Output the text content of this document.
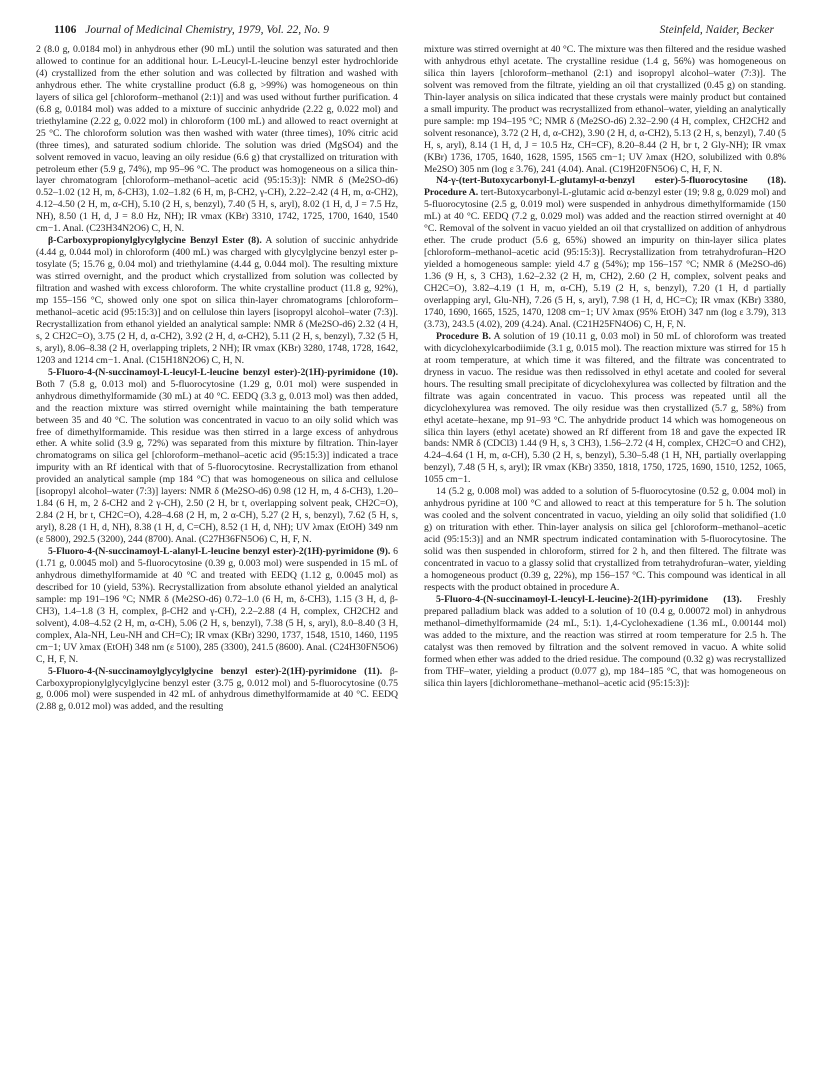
1106 Journal of Medicinal Chemistry, 1979, Vol. 22, No. 9	Steinfeld, Naider, Becker

2 (8.0 g, 0.0184 mol) in anhydrous ether (90 mL) until the solution was saturated and then allowed to continue for an additional hour. L-Leucyl-L-leucine benzyl ester hydrochloride (4) crystallized from the ether solution and was collected by filtration and washed with anhydrous ether. The white crystalline product (6.8 g, >99%) was homogeneous on thin layers of silica gel [chloroform–methanol (2:1)] and was used without further purification. 4 (6.8 g, 0.0184 mol) was added to a mixture of succinic anhydride (2.22 g, 0.022 mol) and triethylamine (2.22 g, 0.022 mol) in chloroform (100 mL) and allowed to react overnight at 25 °C. The chloroform solution was then washed with water (three times), 10% citric acid (three times), and saturated sodium chloride. The solution was dried (MgSO4) and the solvent removed in vacuo, leaving an oily residue (6.6 g) that crystallized on trituration with petroleum ether (5.9 g, 74%), mp 95–96 °C. The product was homogeneous on a silica thin-layer chromatogram [chloroform–methanol–acetic acid (95:15:3)]: NMR δ (Me2SO-d6) 0.52–1.02 (12 H, m, δ-CH3), 1.02–1.82 (6 H, m, β-CH2, γ-CH), 2.22–2.42 (4 H, m, α-CH2), 4.12–4.50 (2 H, m, α-CH), 5.10 (2 H, s, benzyl), 7.40 (5 H, s, aryl), 8.02 (1 H, d, J = 7.5 Hz, NH), 8.50 (1 H, d, J = 8.0 Hz, NH); IR νmax (KBr) 3310, 1742, 1725, 1700, 1640, 1540 cm−1. Anal. (C23H34N2O6) C, H, N.

β-Carboxypropionylglycylglycine Benzyl Ester (8). A solution of succinic anhydride (4.44 g, 0.044 mol) in chloroform (400 mL) was charged with glycylglycine benzyl ester p-tosylate (5; 15.76 g, 0.04 mol) and triethylamine (4.44 g, 0.044 mol). The resulting mixture was stirred overnight, and the product which crystallized from solution was collected by filtration and washed with excess chloroform. The white crystalline product (11.8 g, 92%), mp 155–156 °C, showed only one spot on silica thin-layer chromatograms [chloroform–methanol–acetic acid (95:15:3)] and on cellulose thin layers [isopropyl alcohol–water (7:3)]. Recrystallization from ethanol yielded an analytical sample: NMR δ (Me2SO-d6) 2.32 (4 H, s, 2 CH2C=O), 3.75 (2 H, d, α-CH2), 3.92 (2 H, d, α-CH2), 5.11 (2 H, s, benzyl), 7.32 (5 H, s, aryl), 8.06–8.38 (2 H, overlapping triplets, 2 NH); IR νmax (KBr) 3280, 1748, 1728, 1642, 1203 and 1214 cm−1. Anal. (C15H18N2O6) C, H, N.

5-Fluoro-4-(N-succinamoyl-L-leucyl-L-leucine benzyl ester)-2(1H)-pyrimidone (10). Both 7 (5.8 g, 0.013 mol) and 5-fluorocytosine (1.29 g, 0.01 mol) were suspended in anhydrous dimethylformamide (30 mL) at 40 °C. EEDQ (3.3 g, 0.013 mol) was then added, and the reaction mixture was stirred overnight while maintaining the bath temperature between 35 and 40 °C. The solution was concentrated in vacuo to an oily solid which was free of dimethylformamide. This residue was then stirred in a large excess of anhydrous ether. A white solid (3.9 g, 72%) was separated from this mixture by filtration. Thin-layer chromatograms on silica gel [chloroform–methanol–acetic acid (95:15:3)] indicated a trace impurity with an Rf identical with that of 5-fluorocytosine. Recrystallization from ethanol provided an analytical sample (mp 184 °C) that was homogeneous on silica and cellulose [isopropyl alcohol–water (7:3)] layers: NMR δ (Me2SO-d6) 0.98 (12 H, m, 4 δ-CH3), 1.20–1.84 (6 H, m, 2 δ-CH2 and 2 γ-CH), 2.50 (2 H, br t, overlapping solvent peak, CH2C=O), 2.84 (2 H, br t, CH2C=O), 4.28–4.68 (2 H, m, 2 α-CH), 5.27 (2 H, s, benzyl), 7.62 (5 H, s, aryl), 8.28 (1 H, d, NH), 8.38 (1 H, d, C=CH), 8.52 (1 H, d, NH); UV λmax (EtOH) 349 nm (ε 5800), 292.5 (3200), 244 (8700). Anal. (C27H36FN5O6) C, H, F, N.

5-Fluoro-4-(N-succinamoyl-L-alanyl-L-leucine benzyl ester)-2(1H)-pyrimidone (9). 6 (1.71 g, 0.0045 mol) and 5-fluorocytosine (0.39 g, 0.003 mol) were suspended in 15 mL of anhydrous dimethylformamide at 40 °C and treated with EEDQ (1.12 g, 0.0045 mol) as described for 10 (yield, 53%). Recrystallization from absolute ethanol yielded an analytical sample: mp 191–196 °C; NMR δ (Me2SO-d6) 0.72–1.0 (6 H, m, δ-CH3), 1.15 (3 H, d, β-CH3), 1.4–1.8 (3 H, complex, β-CH2 and γ-CH), 2.2–2.88 (4 H, complex, CH2CH2 and solvent), 4.08–4.52 (2 H, m, α-CH), 5.06 (2 H, s, benzyl), 7.38 (5 H, s, aryl), 8.0–8.40 (3 H, complex, Ala-NH, Leu-NH and CH=C); IR νmax (KBr) 3290, 1737, 1548, 1510, 1460, 1195 cm−1; UV λmax (EtOH) 348 nm (ε 5100), 285 (3300), 241.5 (8600). Anal. (C24H30FN5O6) C, H, F, N.

5-Fluoro-4-(N-succinamoylglycylglycine benzyl ester)-2(1H)-pyrimidone (11). β-Carboxypropionylglycylglycine benzyl ester (3.75 g, 0.012 mol) and 5-fluorocytosine (0.75 g, 0.006 mol) were suspended in 42 mL of anhydrous dimethylformamide at 40 °C. EEDQ (2.88 g, 0.012 mol) was added, and the resulting

mixture was stirred overnight at 40 °C. The mixture was then filtered and the residue washed with anhydrous ethyl acetate. The crystalline residue (1.4 g, 56%) was homogeneous on silica thin layers [chloroform–methanol (2:1) and isopropyl alcohol–water (7:3)]. The solvent was removed from the filtrate, yielding an oil that crystallized (0.45 g) on standing. Thin-layer analysis on silica indicated that these crystals were mainly product but contained a small impurity. The product was recrystallized from ethanol–water, yielding an analytically pure sample: mp 194–195 °C; NMR δ (Me2SO-d6) 2.32–2.90 (4 H, complex, CH2CH2 and solvent resonance), 3.72 (2 H, d, α-CH2), 3.90 (2 H, d, α-CH2), 5.13 (2 H, s, benzyl), 7.40 (5 H, s, aryl), 8.14 (1 H, d, J = 10.5 Hz, CH=CF), 8.20–8.44 (2 H, br t, 2 Gly-NH); IR νmax (KBr) 1736, 1705, 1640, 1628, 1595, 1565 cm−1; UV λmax (H2O, solubilized with 0.8% Me2SO) 305 nm (log ε 3.76), 241 (4.04). Anal. (C19H20FN5O6) C, H, F, N.

N4-γ-(tert-Butoxycarbonyl-L-glutamyl-α-benzyl ester)-5-fluorocytosine (18). Procedure A. tert-Butoxycarbonyl-L-glutamic acid α-benzyl ester (19; 9.8 g, 0.029 mol) and 5-fluorocytosine (2.5 g, 0.019 mol) were suspended in anhydrous dimethylformamide (150 mL) at 40 °C. EEDQ (7.2 g, 0.029 mol) was added and the reaction stirred overnight at 40 °C. Removal of the solvent in vacuo yielded an oil that crystallized on addition of anhydrous ether. The crude product (5.6 g, 65%) showed an impurity on thin-layer silica plates [chloroform–methanol–acetic acid (95:15:3)]. Recrystallization from tetrahydrofuran–H2O yielded a homogeneous sample: yield 4.7 g (54%); mp 156–157 °C; NMR δ (Me2SO-d6) 1.36 (9 H, s, 3 CH3), 1.62–2.32 (2 H, m, CH2), 2.60 (2 H, complex, solvent peaks and CH2C=O), 3.82–4.19 (1 H, m, α-CH), 5.19 (2 H, s, benzyl), 7.20 (1 H, d partially overlapping aryl, Glu-NH), 7.26 (5 H, s, aryl), 7.98 (1 H, d, HC=C); IR νmax (KBr) 3380, 1740, 1690, 1665, 1525, 1470, 1208 cm−1; UV λmax (95% EtOH) 347 nm (log ε 3.79), 313 (3.73), 243.5 (4.02), 209 (4.24). Anal. (C21H25FN4O6) C, H, F, N.

Procedure B. A solution of 19 (10.11 g, 0.03 mol) in 50 mL of chloroform was treated with dicyclohexylcarbodiimide (3.1 g, 0.015 mol). The reaction mixture was stirred for 15 h at room temperature, at which time it was filtered, and the filtrate was concentrated to dryness in vacuo. The residue was then redissolved in ethyl acetate and cooled for several hours. The resulting small precipitate of dicyclohexylurea was collected by filtration and the filtrate was again concentrated in vacuo. This process was repeated until all the dicyclohexylurea was removed. The oily residue was then crystallized (5.7 g, 58%) from ethyl acetate–hexane, mp 91–93 °C. The anhydride product 14 which was homogeneous on silica thin layers (ethyl acetate) showed an Rf different from 18 and gave the expected IR bands: NMR δ (CDCl3) 1.44 (9 H, s, 3 CH3), 1.56–2.72 (4 H, complex, CH2C=O and CH2), 4.24–4.64 (1 H, m, α-CH), 5.30 (2 H, s, benzyl), 5.30–5.48 (1 H, NH, partially overlapping benzyl), 7.48 (5 H, s, aryl); IR νmax (KBr) 3350, 1818, 1750, 1725, 1690, 1510, 1252, 1065, 1055 cm−1.

14 (5.2 g, 0.008 mol) was added to a solution of 5-fluorocytosine (0.52 g, 0.004 mol) in anhydrous pyridine at 100 °C and allowed to react at this temperature for 5 h. The solution was cooled and the solvent concentrated in vacuo, yielding an oily solid that solidified (1.0 g) on trituration with ether. Thin-layer analysis on silica gel [chloroform–methanol–acetic acid (95:15:3)] and an NMR spectrum indicated contamination with 5-fluorocytosine. The solid was then suspended in chloroform, stirred for 2 h, and then filtered. The filtrate was concentrated in vacuo to a glassy solid that crystallized from tetrahydrofuran–water, yielding a homogeneous product (0.39 g, 22%), mp 156–157 °C. This compound was identical in all respects with the product obtained in procedure A.

5-Fluoro-4-(N-succinamoyl-L-leucyl-L-leucine)-2(1H)-pyrimidone (13). Freshly prepared palladium black was added to a solution of 10 (0.4 g, 0.00072 mol) in anhydrous methanol–dimethylformamide (24 mL, 5:1). 1,4-Cyclohexadiene (1.36 mL, 0.00144 mol) was added to the mixture, and the reaction was stirred at room temperature for 2.5 h. The catalyst was then removed by filtration and the solvent removed in vacuo. A white solid formed when ether was added to the dried residue. The compound (0.32 g) was recrystallized from THF–water, yielding a product (0.077 g), mp 184–185 °C, that was homogeneous on silica thin layers [dichloromethane–methanol–acetic acid (95:15:3)]:
